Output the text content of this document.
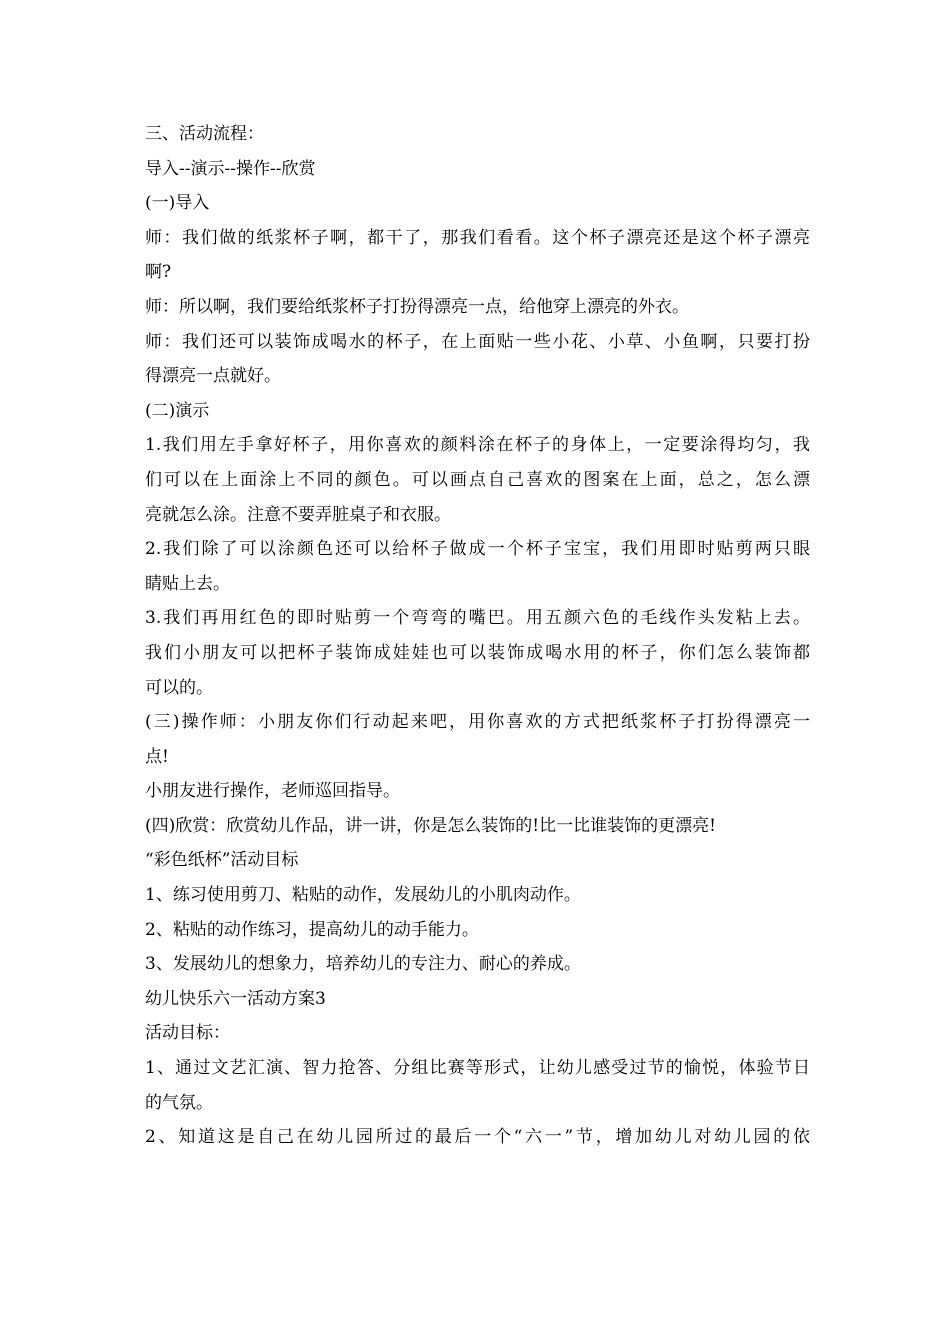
三、活动流程：
导入--演示--操作--欣赏
(一)导入
师：我们做的纸浆杯子啊，都干了，那我们看看。这个杯子漂亮还是这个杯子漂亮
啊?
师：所以啊，我们要给纸浆杯子打扮得漂亮一点，给他穿上漂亮的外衣。
师：我们还可以装饰成喝水的杯子，在上面贴一些小花、小草、小鱼啊，只要打扮
得漂亮一点就好。
(二)演示
1.我们用左手拿好杯子，用你喜欢的颜料涂在杯子的身体上，一定要涂得均匀，我
们可以在上面涂上不同的颜色。可以画点自己喜欢的图案在上面，总之，怎么漂
亮就怎么涂。注意不要弄脏桌子和衣服。
2.我们除了可以涂颜色还可以给杯子做成一个杯子宝宝，我们用即时贴剪两只眼
睛贴上去。
3.我们再用红色的即时贴剪一个弯弯的嘴巴。用五颜六色的毛线作头发粘上去。
我们小朋友可以把杯子装饰成娃娃也可以装饰成喝水用的杯子，你们怎么装饰都
可以的。
(三)操作师：小朋友你们行动起来吧，用你喜欢的方式把纸浆杯子打扮得漂亮一
点!
小朋友进行操作，老师巡回指导。
(四)欣赏：欣赏幼儿作品，讲一讲，你是怎么装饰的!比一比谁装饰的更漂亮!
“彩色纸杯”活动目标
1、练习使用剪刀、粘贴的动作，发展幼儿的小肌肉动作。
2、粘贴的动作练习，提高幼儿的动手能力。
3、发展幼儿的想象力，培养幼儿的专注力、耐心的养成。
幼儿快乐六一活动方案3
活动目标：
1、通过文艺汇演、智力抢答、分组比赛等形式，让幼儿感受过节的愉悦，体验节日
的气氛。
2、知道这是自己在幼儿园所过的最后一个“六一”节，增加幼儿对幼儿园的依
